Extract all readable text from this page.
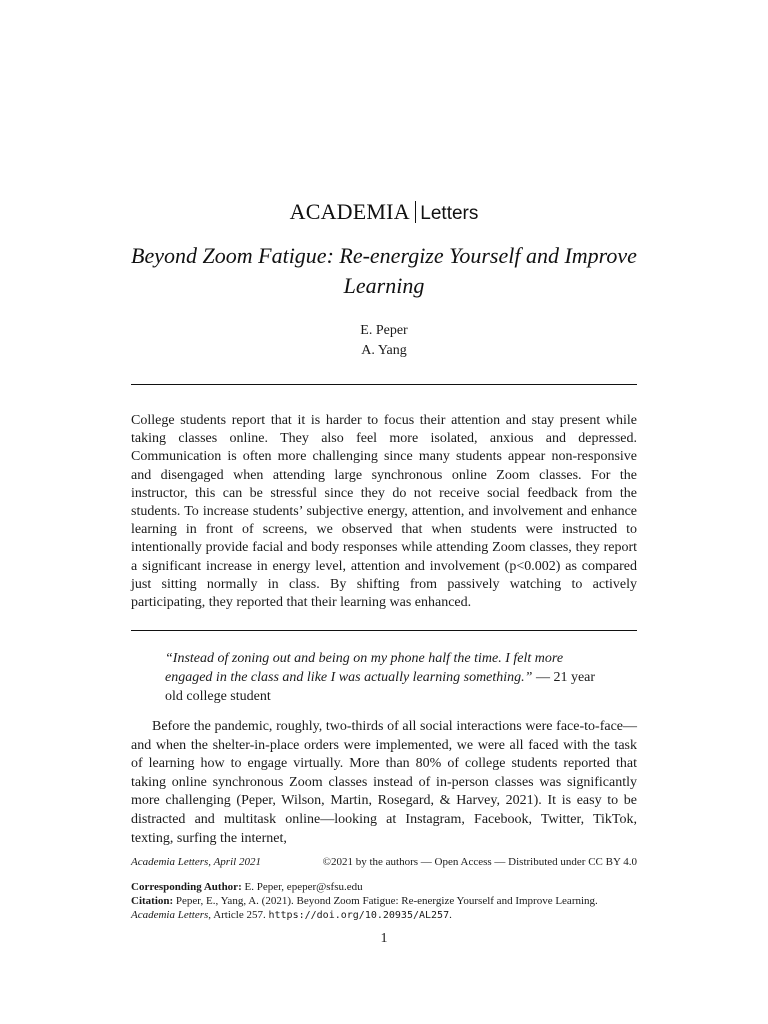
ACADEMIA Letters
Beyond Zoom Fatigue: Re-energize Yourself and Improve Learning
E. Peper
A. Yang
College students report that it is harder to focus their attention and stay present while taking classes online. They also feel more isolated, anxious and depressed. Communication is often more challenging since many students appear non-responsive and disengaged when attending large synchronous online Zoom classes. For the instructor, this can be stressful since they do not receive social feedback from the students. To increase students’ subjective energy, attention, and involvement and enhance learning in front of screens, we observed that when students were instructed to intentionally provide facial and body responses while attending Zoom classes, they report a significant increase in energy level, attention and involvement (p<0.002) as compared just sitting normally in class. By shifting from passively watching to actively participating, they reported that their learning was enhanced.
“Instead of zoning out and being on my phone half the time. I felt more engaged in the class and like I was actually learning something.” — 21 year old college student
Before the pandemic, roughly, two-thirds of all social interactions were face-to-face—and when the shelter-in-place orders were implemented, we were all faced with the task of learning how to engage virtually. More than 80% of college students reported that taking online synchronous Zoom classes instead of in-person classes was significantly more challenging (Peper, Wilson, Martin, Rosegard, & Harvey, 2021). It is easy to be distracted and multitask online—looking at Instagram, Facebook, Twitter, TikTok, texting, surfing the internet,
Academia Letters, April 2021	©2021 by the authors — Open Access — Distributed under CC BY 4.0
Corresponding Author: E. Peper, epeper@sfsu.edu
Citation: Peper, E., Yang, A. (2021). Beyond Zoom Fatigue: Re-energize Yourself and Improve Learning.
Academia Letters, Article 257. https://doi.org/10.20935/AL257.
1
